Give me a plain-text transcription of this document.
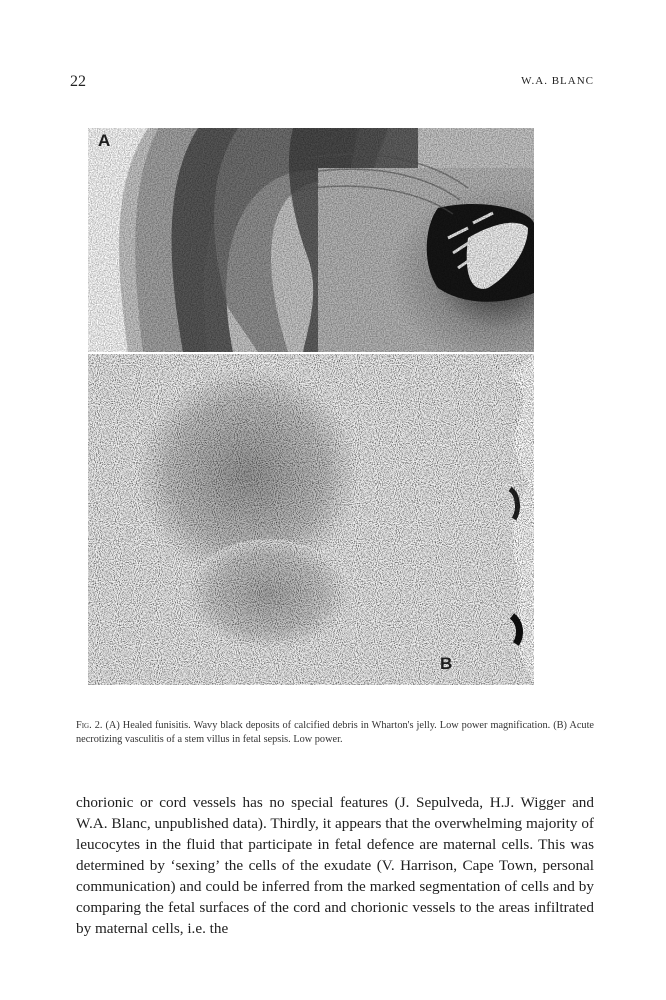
22	W.A. BLANC
A
B

Fig. 2. (A) Healed funisitis. Wavy black deposits of calcified debris in Wharton's jelly. Low power magnification. (B) Acute necrotizing vasculitis of a stem villus in fetal sepsis. Low power.

chorionic or cord vessels has no special features (J. Sepulveda, H.J. Wigger and W.A. Blanc, unpublished data). Thirdly, it appears that the overwhelming majority of leucocytes in the fluid that participate in fetal defence are maternal cells. This was determined by ‘sexing’ the cells of the exudate (V. Harrison, Cape Town, personal communication) and could be inferred from the marked segmentation of cells and by comparing the fetal surfaces of the cord and chorionic vessels to the areas infiltrated by maternal cells, i.e. the
